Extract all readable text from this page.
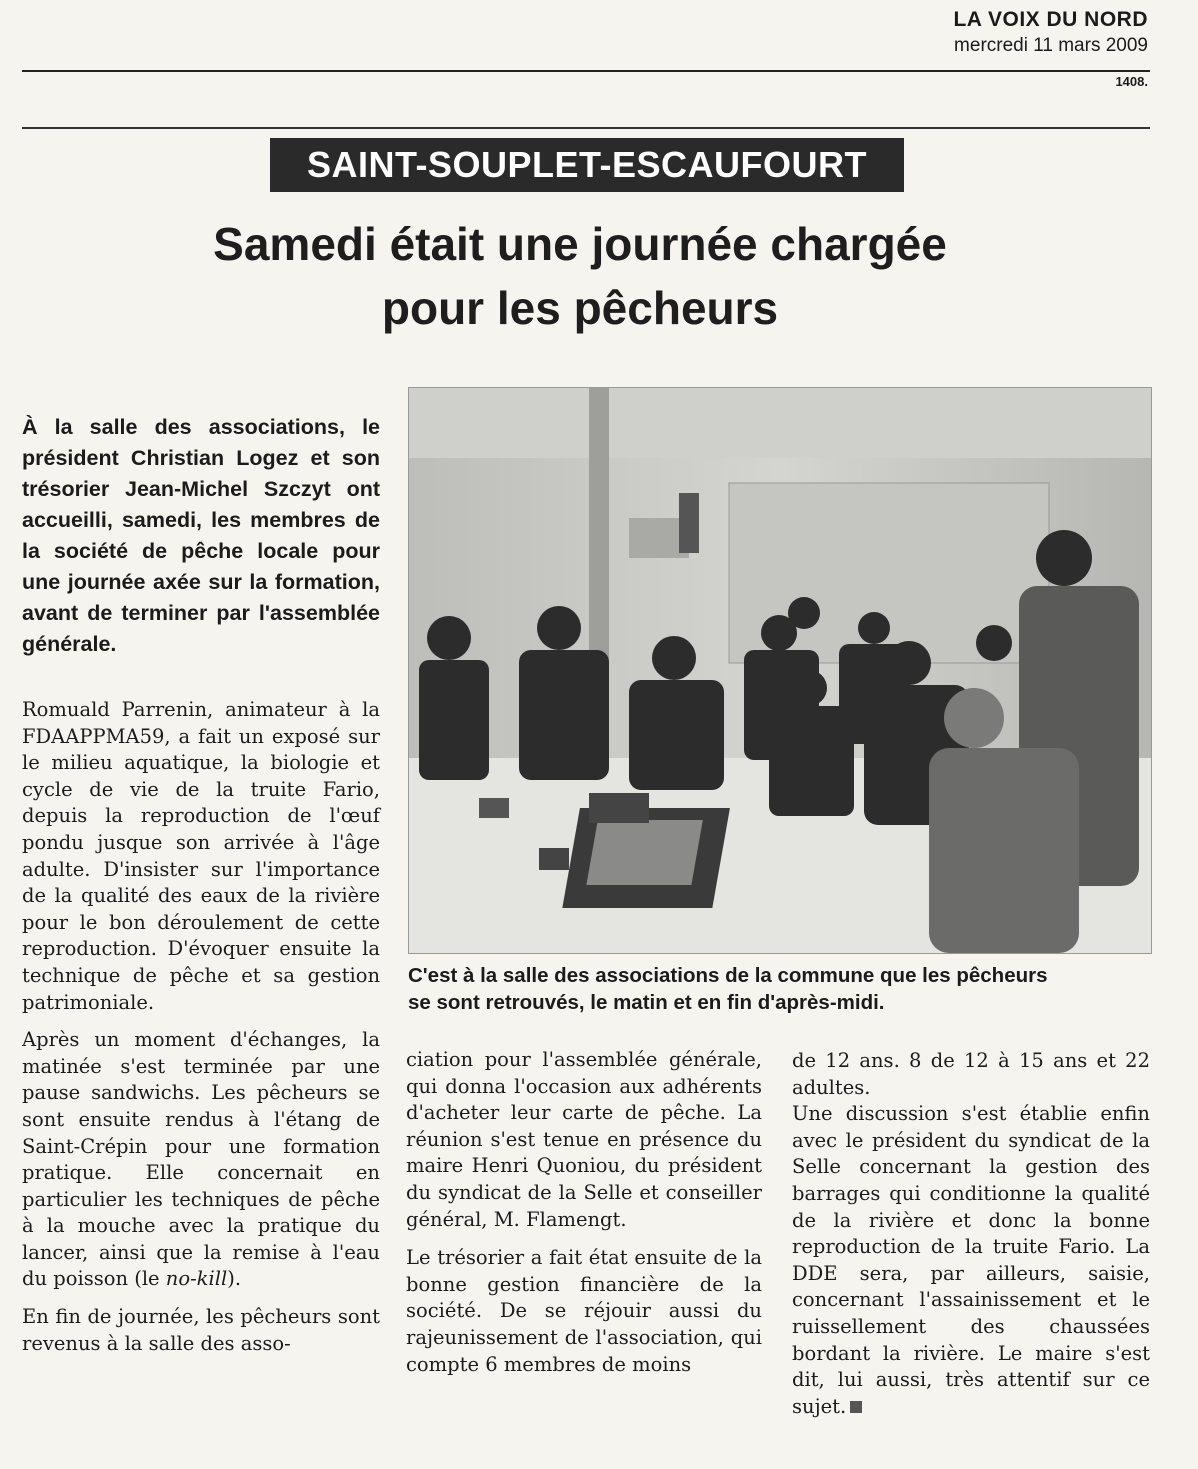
LA VOIX DU NORD
mercredi 11 mars 2009
1408.
SAINT-SOUPLET-ESCAUFOURT
Samedi était une journée chargée
pour les pêcheurs
À la salle des associations, le président Christian Logez et son trésorier Jean-Michel Szczyt ont accueilli, samedi, les membres de la société de pêche locale pour une journée axée sur la formation, avant de terminer par l'assemblée générale.

Romuald Parrenin, animateur à la FDAAPPMA59, a fait un exposé sur le milieu aquatique, la biologie et cycle de vie de la truite Fario, depuis la reproduction de l'œuf pondu jusque son arrivée à l'âge adulte. D'insister sur l'importance de la qualité des eaux de la rivière pour le bon déroulement de cette reproduction. D'évoquer ensuite la technique de pêche et sa gestion patrimoniale.

Après un moment d'échanges, la matinée s'est terminée par une pause sandwichs. Les pêcheurs se sont ensuite rendus à l'étang de Saint-Crépin pour une formation pratique. Elle concernait en particulier les techniques de pêche à la mouche avec la pratique du lancer, ainsi que la remise à l'eau du poisson (le no-kill).

En fin de journée, les pêcheurs sont revenus à la salle des asso-

C'est à la salle des associations de la commune que les pêcheurs
se sont retrouvés, le matin et en fin d'après-midi.

ciation pour l'assemblée générale, qui donna l'occasion aux adhérents d'acheter leur carte de pêche. La réunion s'est tenue en présence du maire Henri Quoniou, du président du syndicat de la Selle et conseiller général, M. Flamengt.

Le trésorier a fait état ensuite de la bonne gestion financière de la société. De se réjouir aussi du rajeunissement de l'association, qui compte 6 membres de moins

de 12 ans. 8 de 12 à 15 ans et 22 adultes.

Une discussion s'est établie enfin avec le président du syndicat de la Selle concernant la gestion des barrages qui conditionne la qualité de la rivière et donc la bonne reproduction de la truite Fario. La DDE sera, par ailleurs, saisie, concernant l'assainissement et le ruissellement des chaussées bordant la rivière. Le maire s'est dit, lui aussi, très attentif sur ce sujet.
